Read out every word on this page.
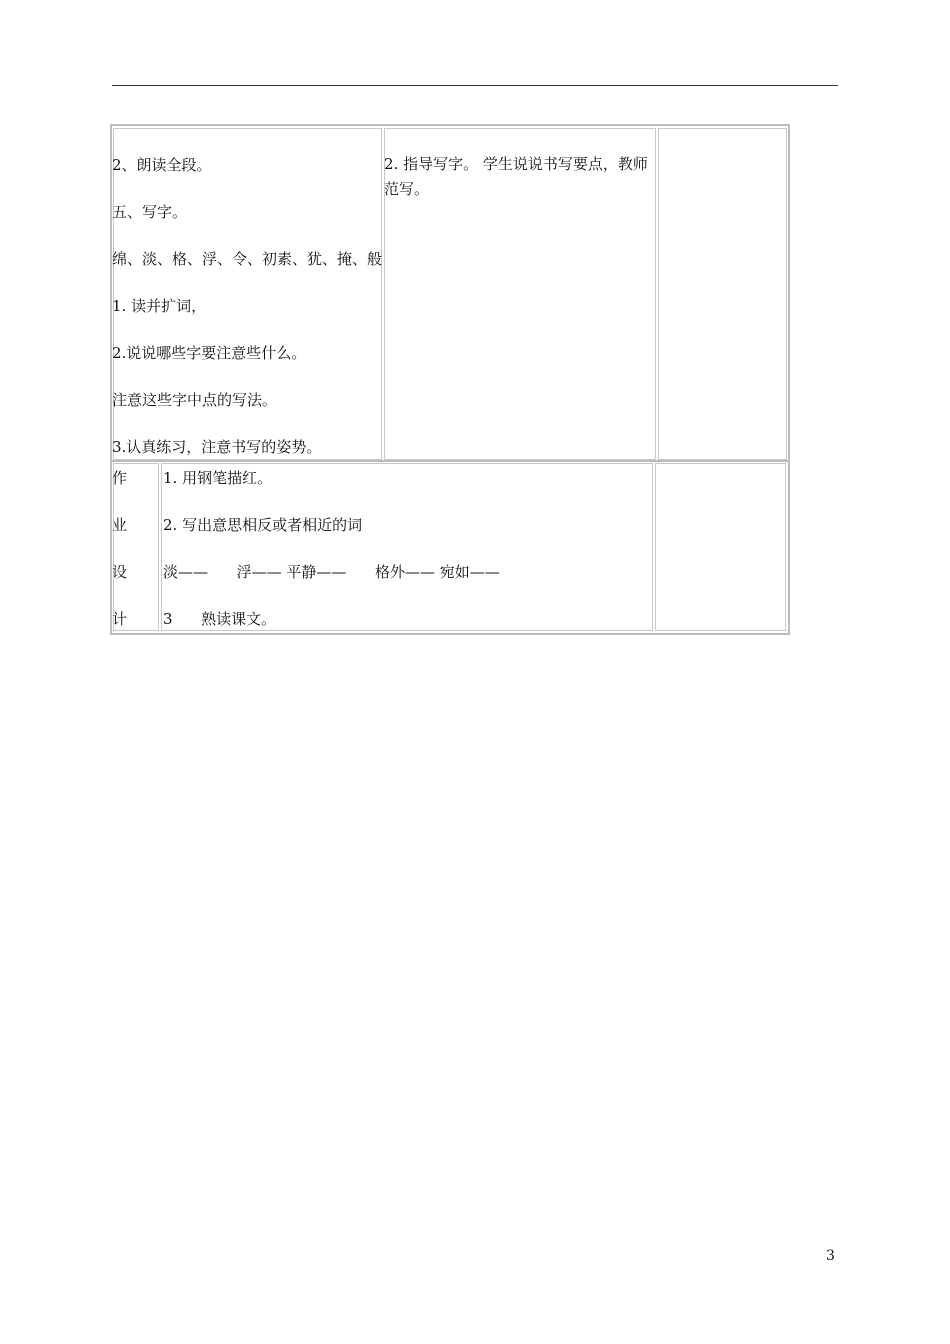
2、朗读全段。
五、写字。
绵、淡、格、浮、令、初素、犹、掩、般
1. 读并扩词，
2.说说哪些字要注意些什么。
注意这些字中点的写法。
3.认真练习，注意书写的姿势。
2. 指导写字。 学生说说书写要点，教师范写。
作
业
设
计
1. 用钢笔描红。
2. 写出意思相反或者相近的词
淡——      浮—— 平静——      格外—— 宛如——
3      熟读课文。
3
